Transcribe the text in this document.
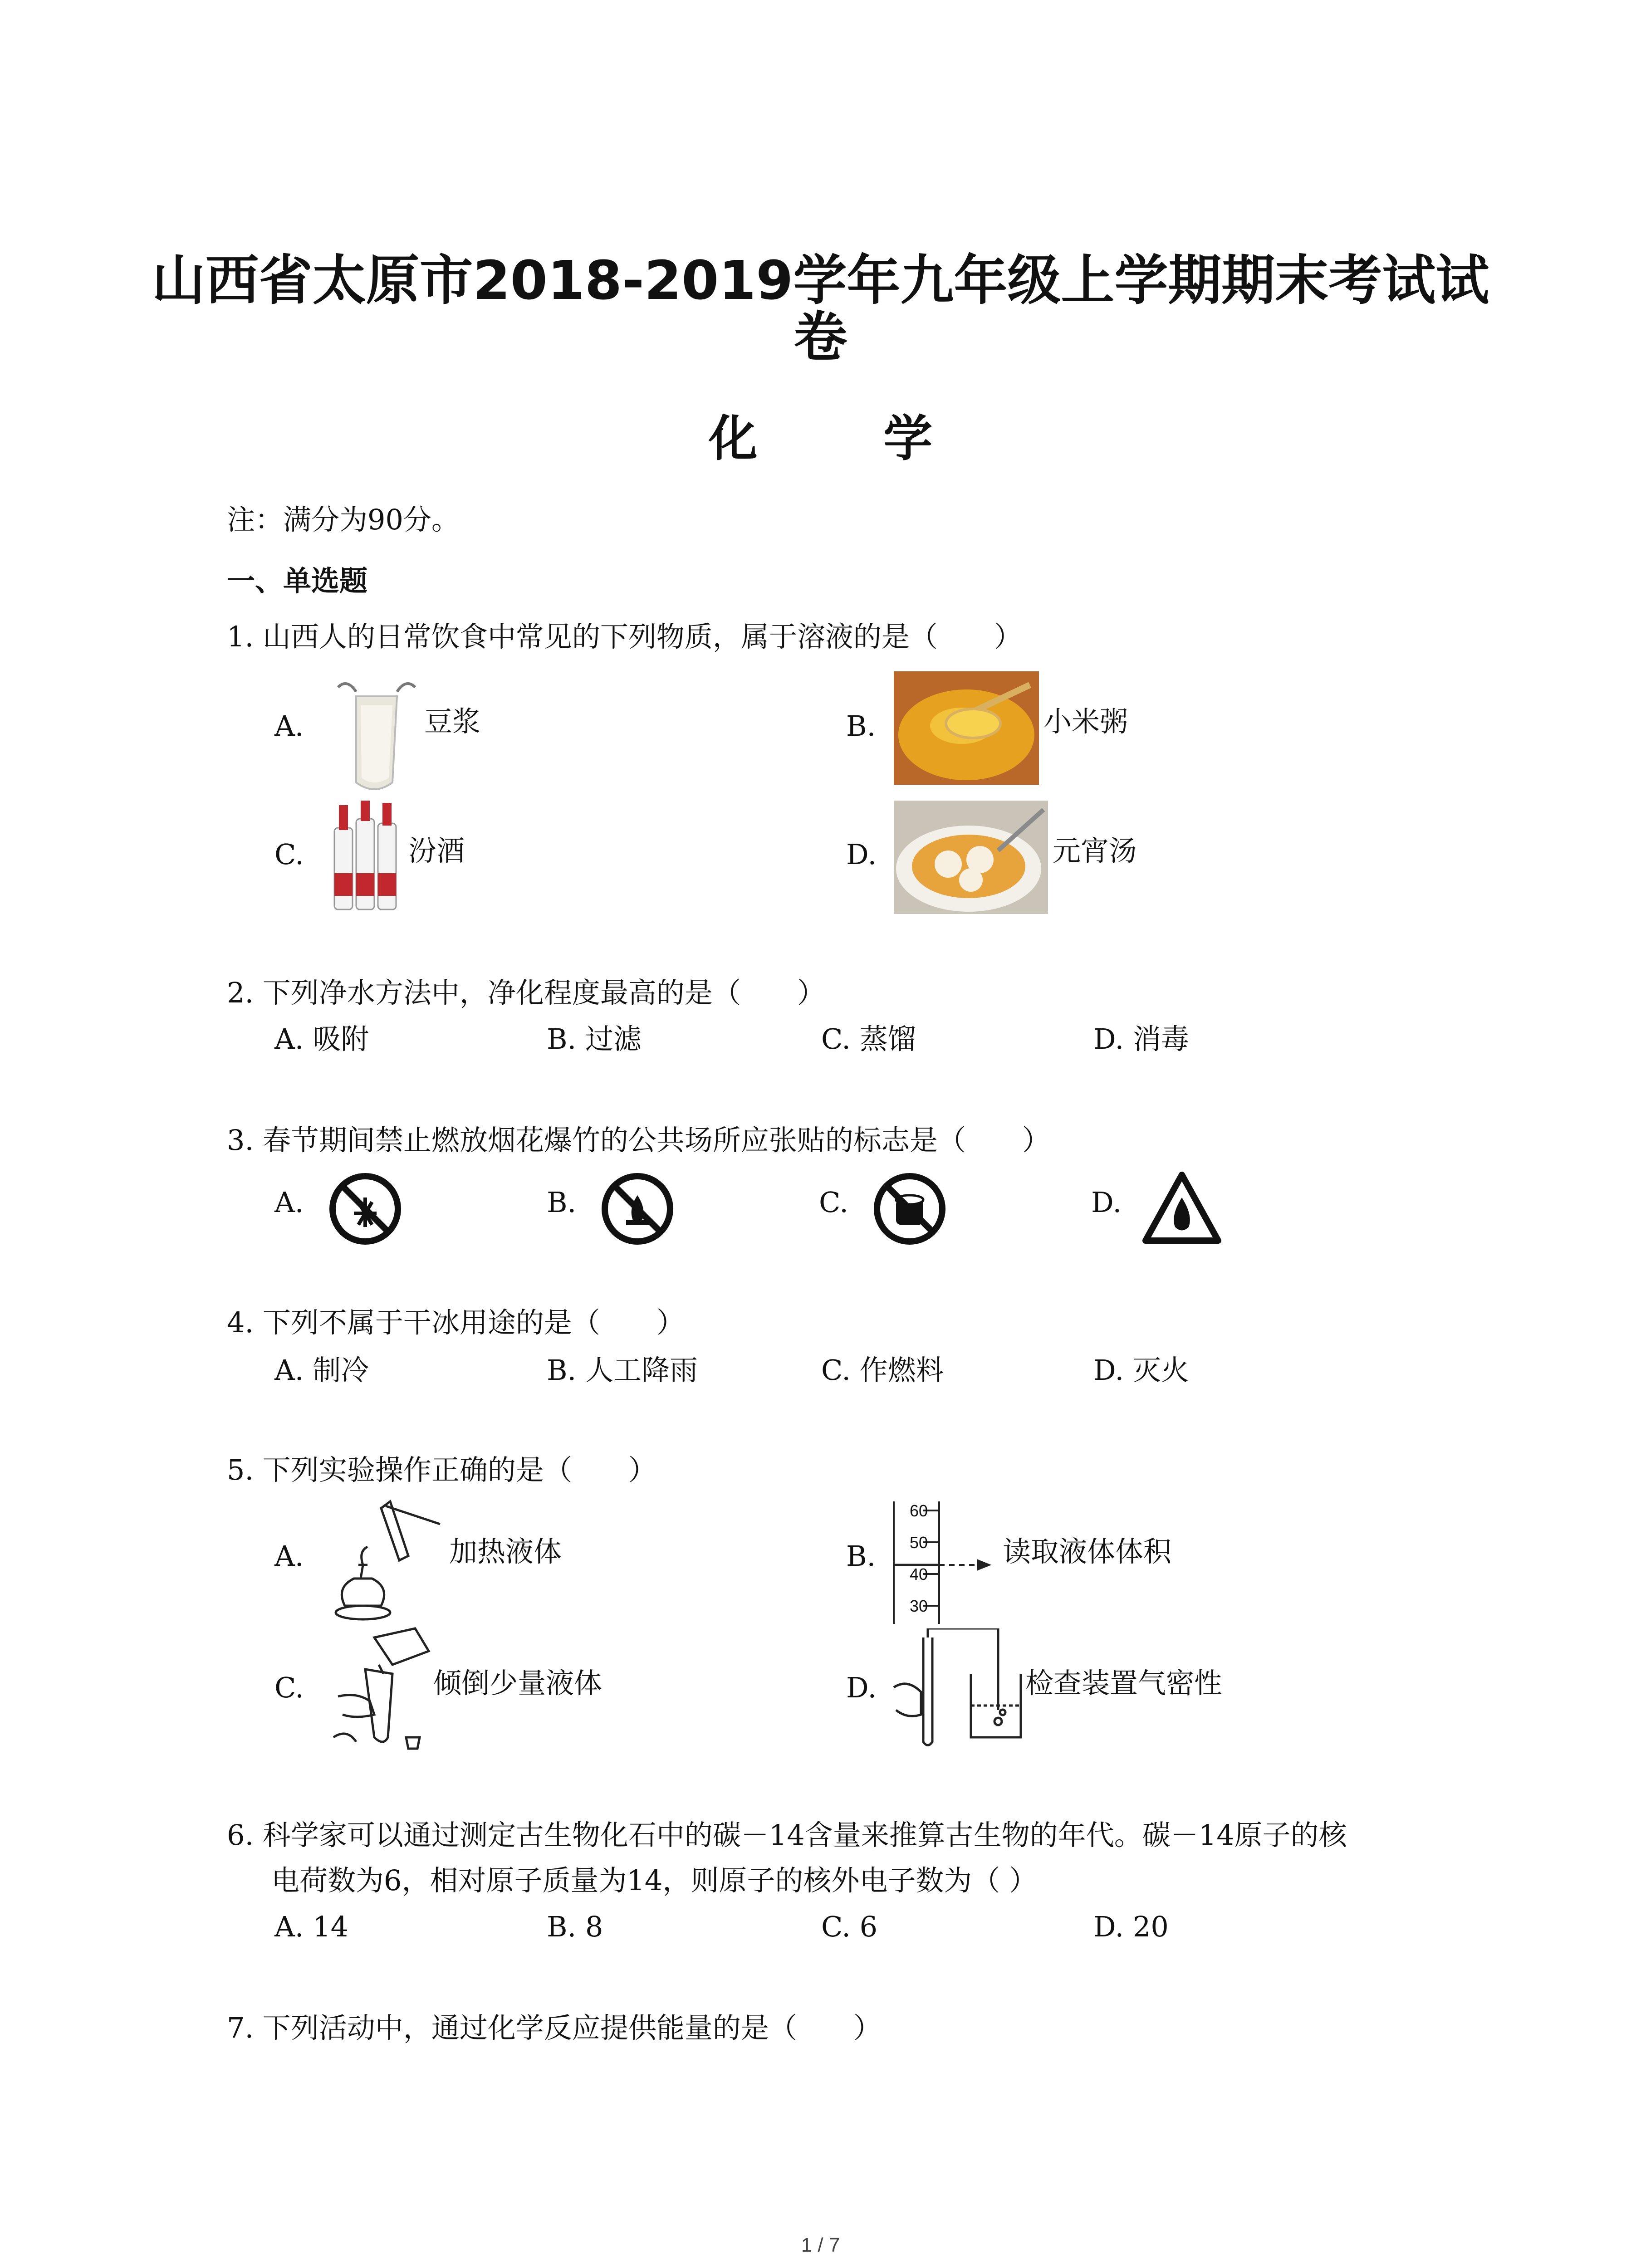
山西省太原市2018-2019学年九年级上学期期末考试试
卷
化 学
注：满分为90分。
一、单选题
1. 山西人的日常饮食中常见的下列物质，属于溶液的是（　　）
A.	豆浆	B.	小米粥
C.	汾酒	D.	元宵汤
2. 下列净水方法中，净化程度最高的是（　　）
A. 吸附	B. 过滤	C. 蒸馏	D. 消毒
3. 春节期间禁止燃放烟花爆竹的公共场所应张贴的标志是（　　）
A.	B.	C.	D.
4. 下列不属于干冰用途的是（　　）
A. 制冷	B. 人工降雨	C. 作燃料	D. 灭火
5. 下列实验操作正确的是（　　）
A.	加热液体	B.
60
50
40
30
读取液体体积
C.	倾倒少量液体	D.	检查装置气密性
6. 科学家可以通过测定古生物化石中的碳－14含量来推算古生物的年代。碳－14原子的核
电荷数为6，相对原子质量为14，则原子的核外电子数为（ ）
A. 14	B. 8	C. 6	D. 20
7. 下列活动中，通过化学反应提供能量的是（　　）
1 / 7
